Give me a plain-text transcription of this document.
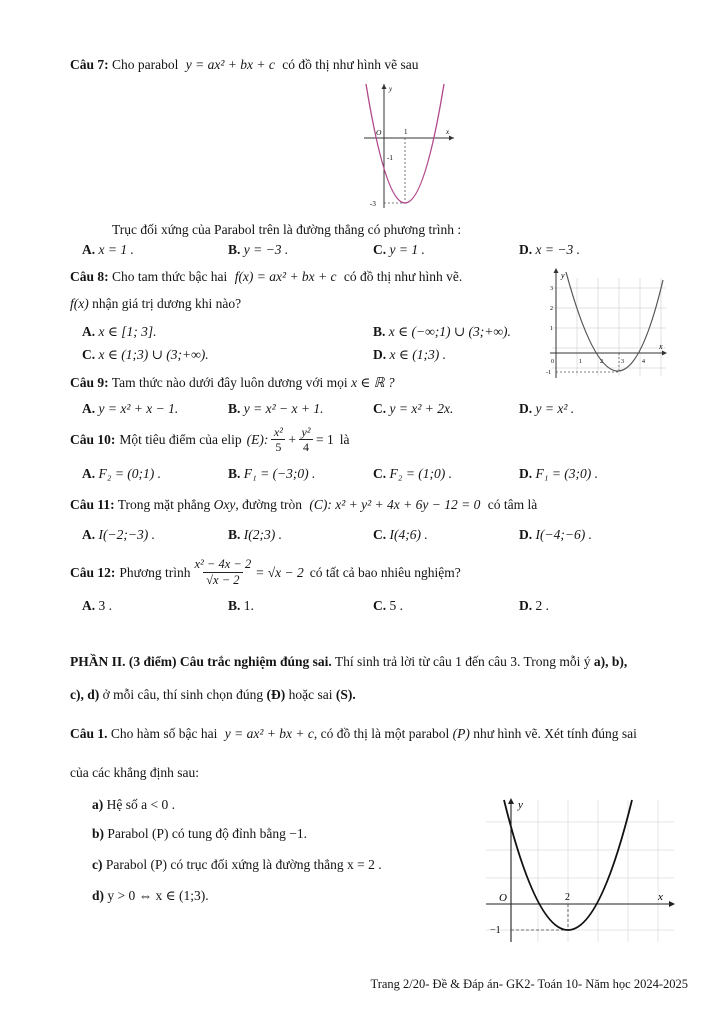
Câu 7: Cho parabol y = ax² + bx + c có đồ thị như hình vẽ sau
y
x
O	1
-1
-3
Trục đối xứng của Parabol trên là đường thẳng có phương trình :
A. x = 1 .	B. y = −3 .	C. y = 1 .	D. x = −3 .
Câu 8: Cho tam thức bậc hai f(x) = ax² + bx + c có đồ thị như hình vẽ.
f(x) nhận giá trị dương khi nào?
A. x ∈ [1; 3].	B. x ∈ (−∞;1) ∪ (3;+∞).
C. x ∈ (1;3) ∪ (3;+∞).	D. x ∈ (1;3) .
y
x
0	1	2	3	4
3
2
1
-1
Câu 9: Tam thức nào dưới đây luôn dương với mọi x ∈ ℝ ?
A. y = x² + x − 1.	B. y = x² − x + 1.	C. y = x² + 2x.	D. y = x² .
Câu 10: Một tiêu điểm của elip (E): x²
5
+ $\frac{\text{y²}}{4} = 1$ là
A. F₂ = (0;1) .	B. F₁ = (−3;0) .	C. F₂ = (1;0) .	D. F₁ = (3;0) .
Câu 11: Trong mặt phẳng Oxy, đường tròn (C): x² + y² + 4x + 6y − 12 = 0 có tâm là
A. I(−2;−3) .	B. I(2;3) .	C. I(4;6) .	D. I(−4;−6) .
Câu 12: Phương trình $\frac{\text{x² − 4x − 2}}{√x - 2} = √x - 2$ có tất cả bao nhiêu nghiệm?
A. 3 .	B. 1.	C. 5 .	D. 2 .
PHẦN II. (3 điểm) Câu trắc nghiệm đúng sai. Thí sinh trả lời từ câu 1 đến câu 3. Trong mỗi ý a), b),
c), d) ở mỗi câu, thí sinh chọn đúng (Đ) hoặc sai (S).
Câu 1. Cho hàm số bậc hai y = ax² + bx + c, có đồ thị là một parabol (P) như hình vẽ. Xét tính đúng sai
của các khẳng định sau:
a) Hệ số a < 0 .
b) Parabol (P) có tung độ đỉnh bằng −1.
c) Parabol (P) có trục đối xứng là đường thẳng x = 2 .
d) y > 0 ⇔ x ∈ (1;3).
y
x
O	2
−1
Trang 2/20- Đề & Đáp án- GK2- Toán 10- Năm học 2024-2025
